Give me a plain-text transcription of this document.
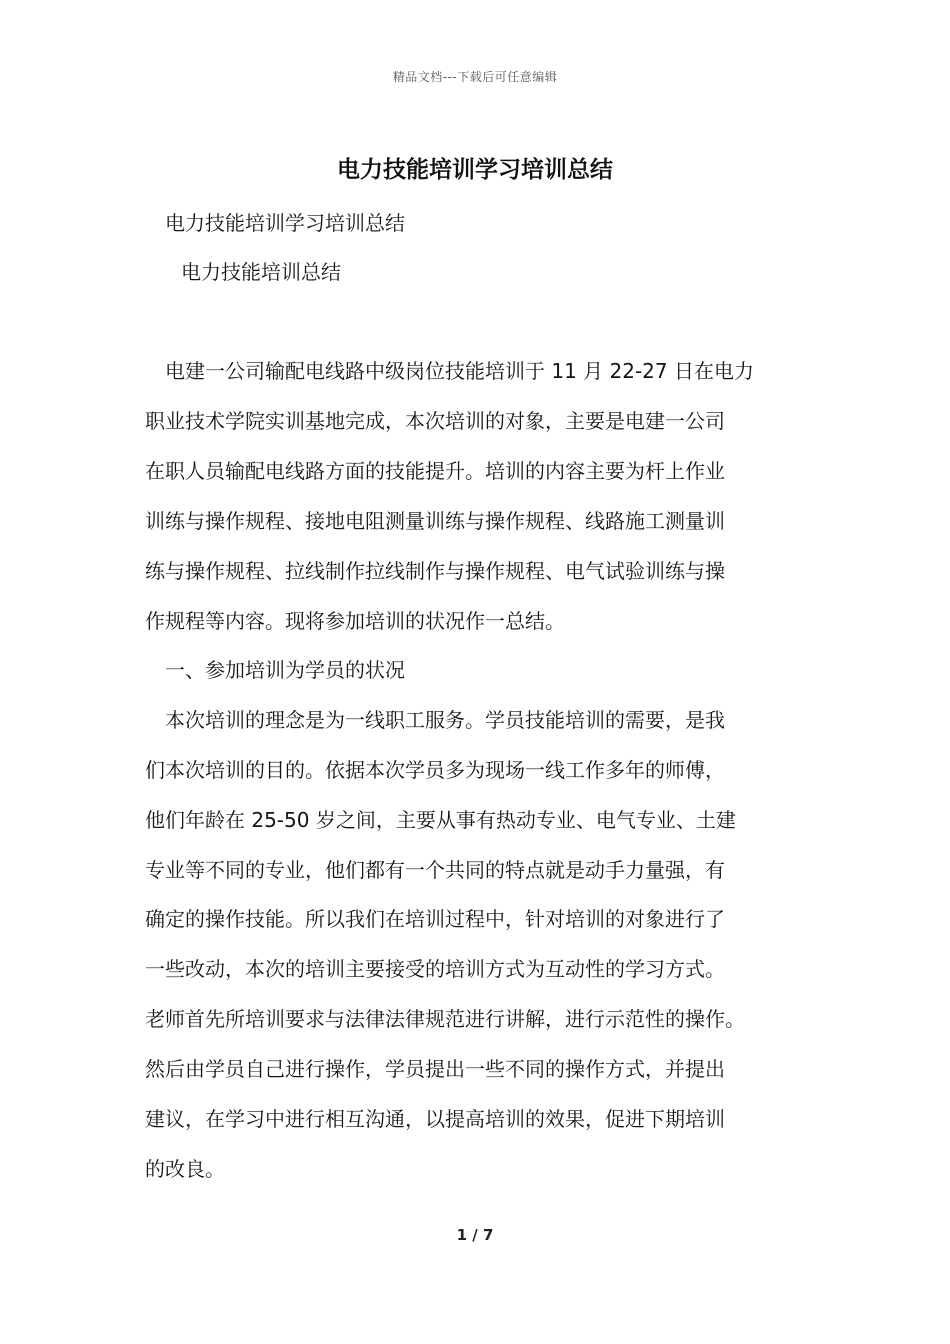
精品文档---下载后可任意编辑
电力技能培训学习培训总结
电力技能培训学习培训总结
电力技能培训总结
电建一公司输配电线路中级岗位技能培训于 11 月 22-27 日在电力
职业技术学院实训基地完成，本次培训的对象，主要是电建一公司
在职人员输配电线路方面的技能提升。培训的内容主要为杆上作业
训练与操作规程、接地电阻测量训练与操作规程、线路施工测量训
练与操作规程、拉线制作拉线制作与操作规程、电气试验训练与操
作规程等内容。现将参加培训的状况作一总结。
一、参加培训为学员的状况
本次培训的理念是为一线职工服务。学员技能培训的需要，是我
们本次培训的目的。依据本次学员多为现场一线工作多年的师傅，
他们年龄在 25-50 岁之间，主要从事有热动专业、电气专业、土建
专业等不同的专业，他们都有一个共同的特点就是动手力量强，有
确定的操作技能。所以我们在培训过程中，针对培训的对象进行了
一些改动，本次的培训主要接受的培训方式为互动性的学习方式。
老师首先所培训要求与法律法律规范进行讲解，进行示范性的操作。
然后由学员自己进行操作，学员提出一些不同的操作方式，并提出
建议，在学习中进行相互沟通，以提高培训的效果，促进下期培训
的改良。
1 / 7
